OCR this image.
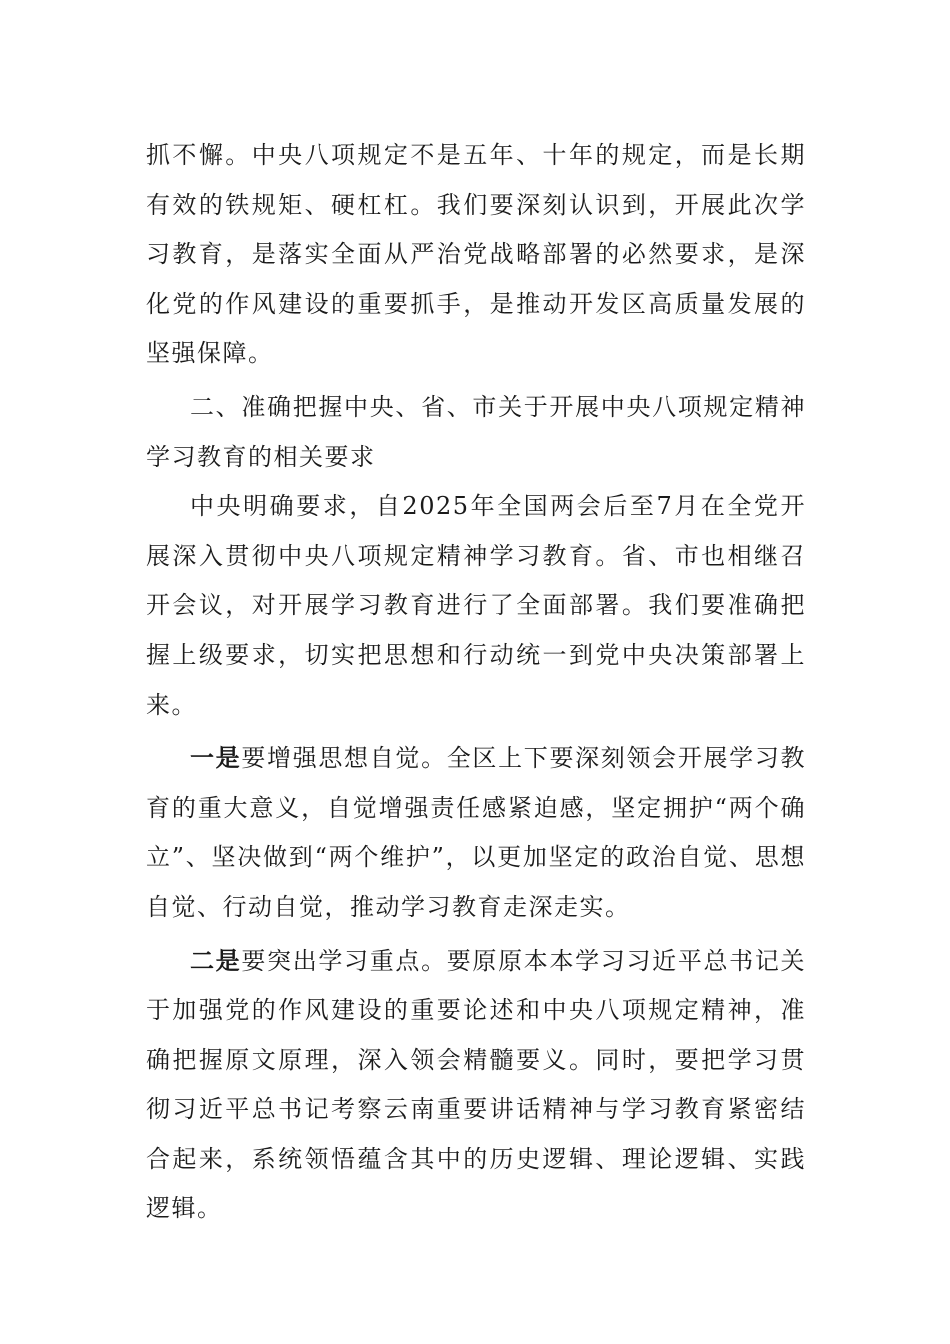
抓不懈。中央八项规定不是五年、十年的规定，而是长期有效的铁规矩、硬杠杠。我们要深刻认识到，开展此次学习教育，是落实全面从严治党战略部署的必然要求，是深化党的作风建设的重要抓手，是推动开发区高质量发展的坚强保障。

二、准确把握中央、省、市关于开展中央八项规定精神学习教育的相关要求

中央明确要求，自2025年全国两会后至7月在全党开展深入贯彻中央八项规定精神学习教育。省、市也相继召开会议，对开展学习教育进行了全面部署。我们要准确把握上级要求，切实把思想和行动统一到党中央决策部署上来。

一是要增强思想自觉。全区上下要深刻领会开展学习教育的重大意义，自觉增强责任感紧迫感，坚定拥护“两个确立”、坚决做到“两个维护”，以更加坚定的政治自觉、思想自觉、行动自觉，推动学习教育走深走实。

二是要突出学习重点。要原原本本学习习近平总书记关于加强党的作风建设的重要论述和中央八项规定精神，准确把握原文原理，深入领会精髓要义。同时，要把学习贯彻习近平总书记考察云南重要讲话精神与学习教育紧密结合起来，系统领悟蕴含其中的历史逻辑、理论逻辑、实践逻辑。
